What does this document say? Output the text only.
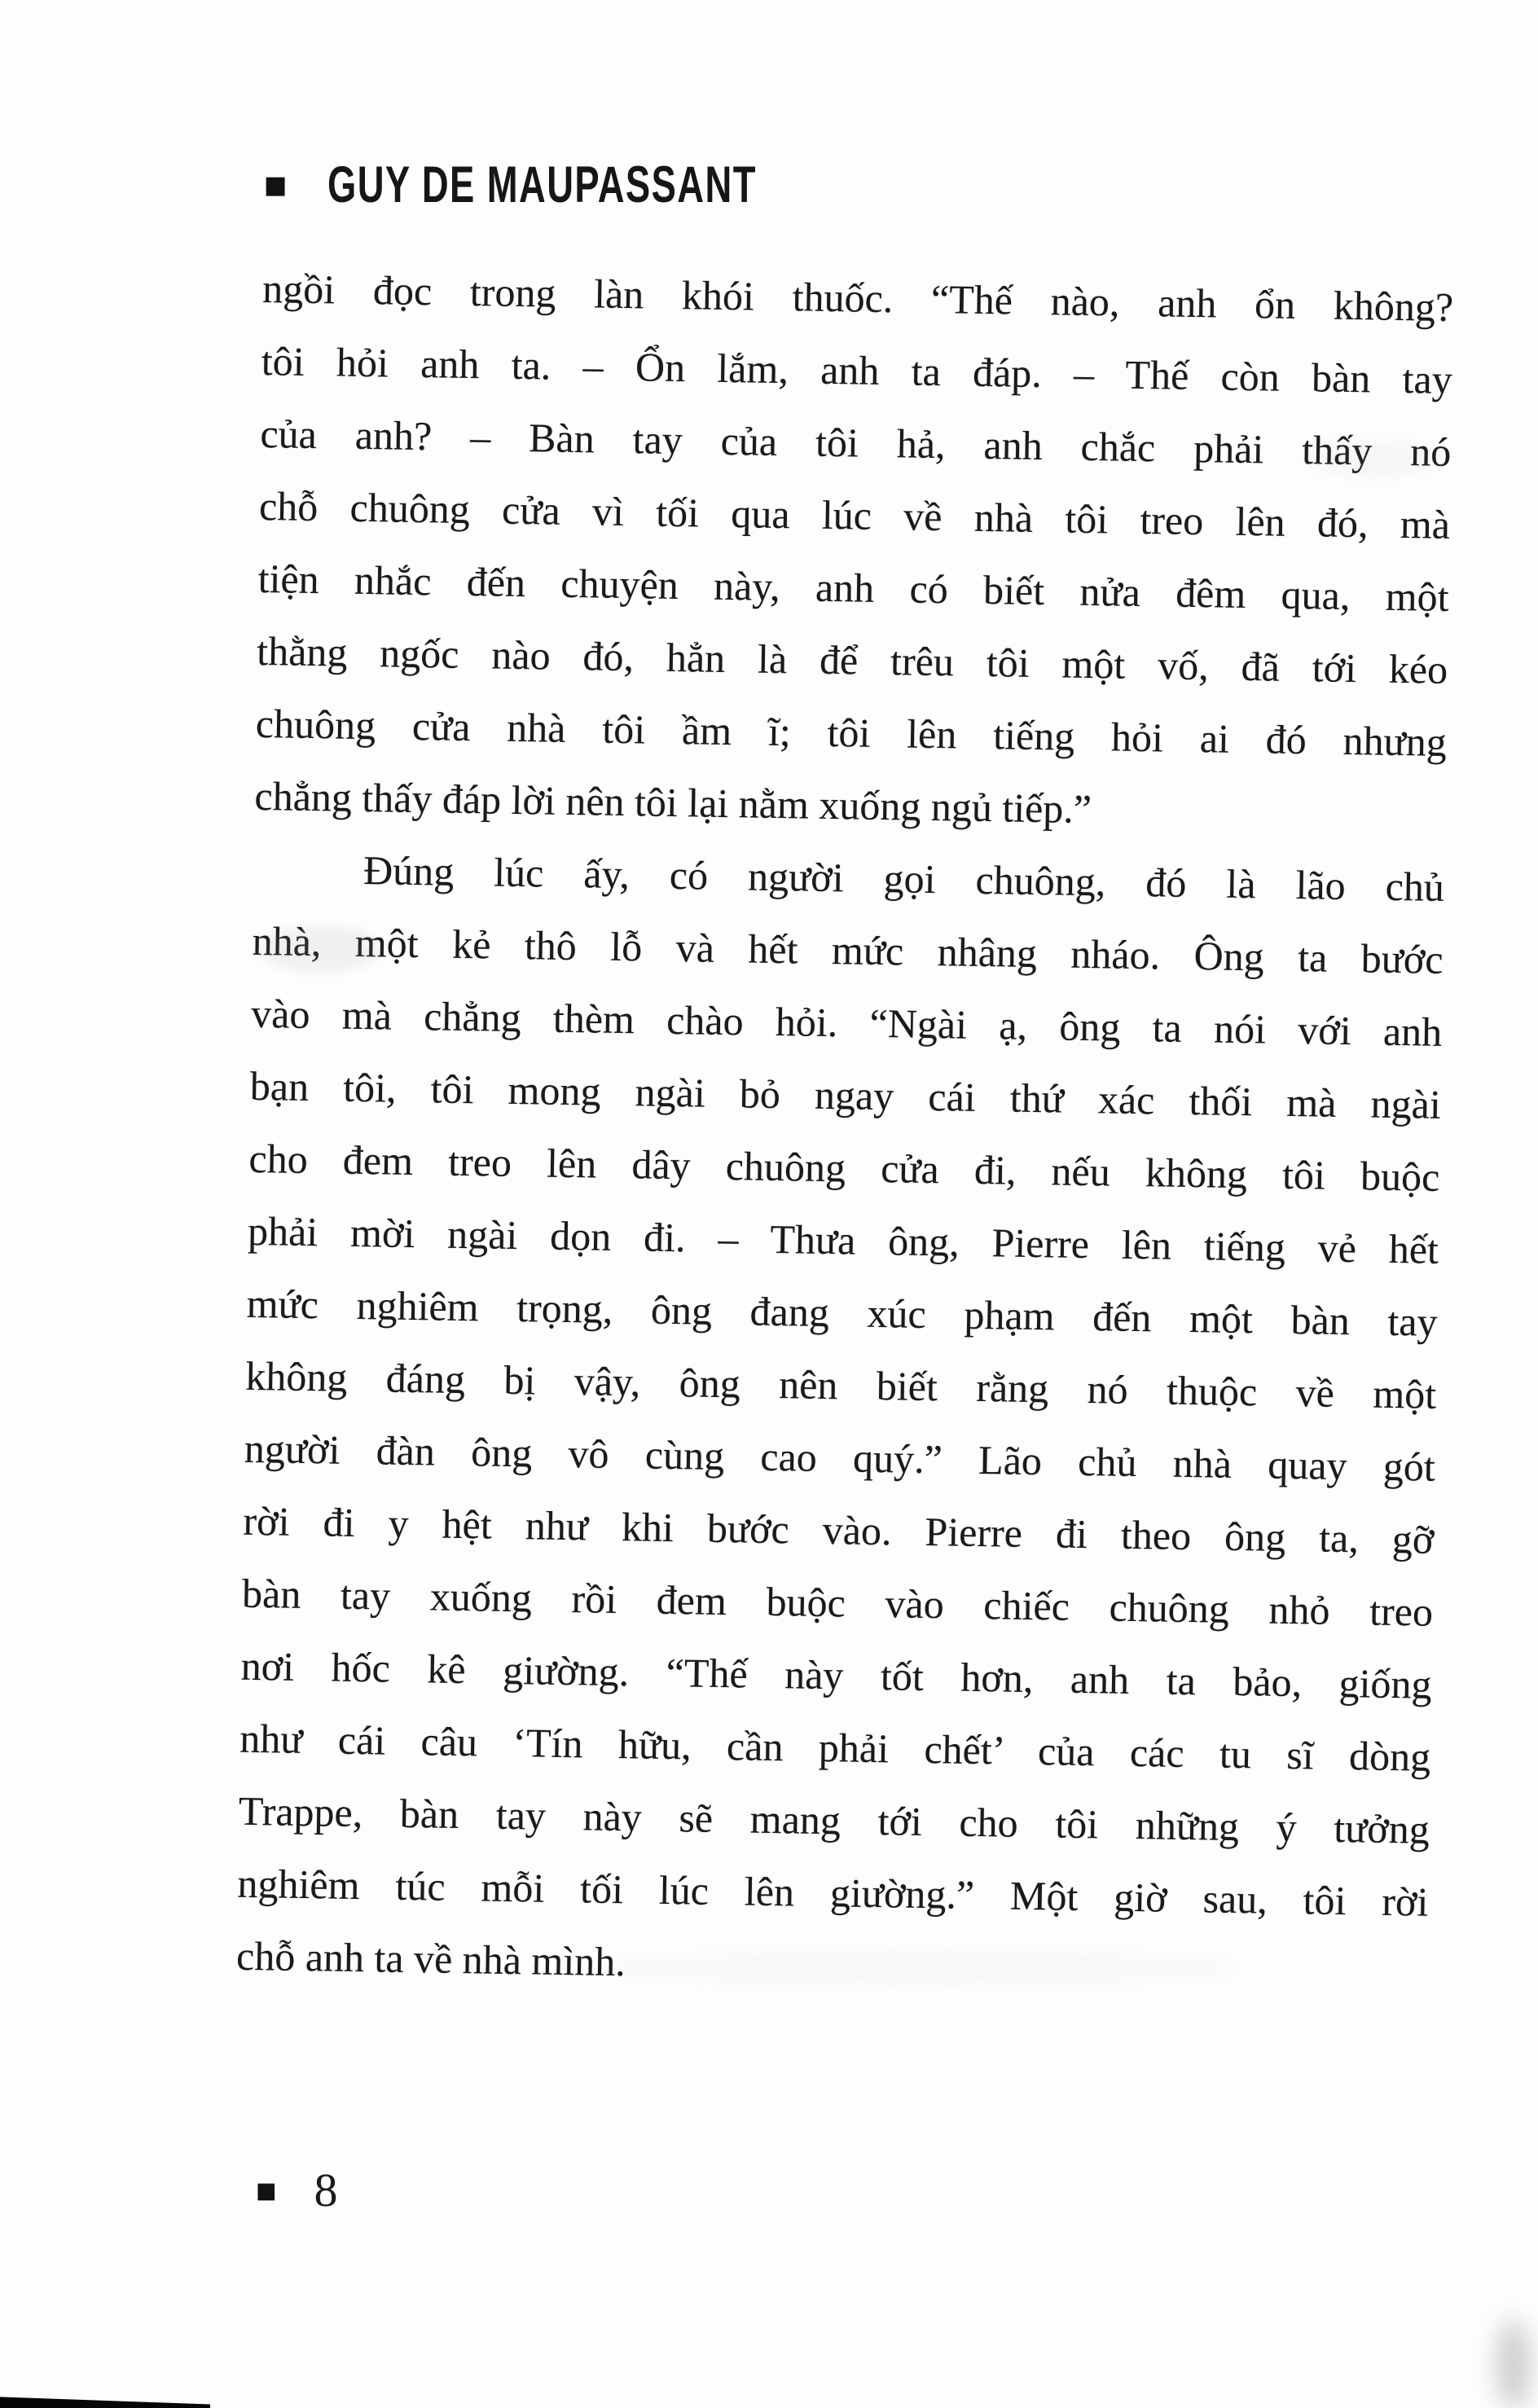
■ GUY DE MAUPASSANT

ngồi đọc trong làn khói thuốc. “Thế nào, anh ổn không?

tôi hỏi anh ta. – Ổn lắm, anh ta đáp. – Thế còn bàn tay

của anh? – Bàn tay của tôi hả, anh chắc phải thấy nó

chỗ chuông cửa vì tối qua lúc về nhà tôi treo lên đó, mà

tiện nhắc đến chuyện này, anh có biết nửa đêm qua, một

thằng ngốc nào đó, hẳn là để trêu tôi một vố, đã tới kéo

chuông cửa nhà tôi ầm ĩ; tôi lên tiếng hỏi ai đó nhưng

chẳng thấy đáp lời nên tôi lại nằm xuống ngủ tiếp.”

Đúng lúc ấy, có người gọi chuông, đó là lão chủ

nhà, một kẻ thô lỗ và hết mức nhâng nháo. Ông ta bước

vào mà chẳng thèm chào hỏi. “Ngài ạ, ông ta nói với anh

bạn tôi, tôi mong ngài bỏ ngay cái thứ xác thối mà ngài

cho đem treo lên dây chuông cửa đi, nếu không tôi buộc

phải mời ngài dọn đi. – Thưa ông, Pierre lên tiếng vẻ hết

mức nghiêm trọng, ông đang xúc phạm đến một bàn tay

không đáng bị vậy, ông nên biết rằng nó thuộc về một

người đàn ông vô cùng cao quý.” Lão chủ nhà quay gót

rời đi y hệt như khi bước vào. Pierre đi theo ông ta, gỡ

bàn tay xuống rồi đem buộc vào chiếc chuông nhỏ treo

nơi hốc kê giường. “Thế này tốt hơn, anh ta bảo, giống

như cái câu ‘Tín hữu, cần phải chết’ của các tu sĩ dòng

Trappe, bàn tay này sẽ mang tới cho tôi những ý tưởng

nghiêm túc mỗi tối lúc lên giường.” Một giờ sau, tôi rời

chỗ anh ta về nhà mình.

■ 8
